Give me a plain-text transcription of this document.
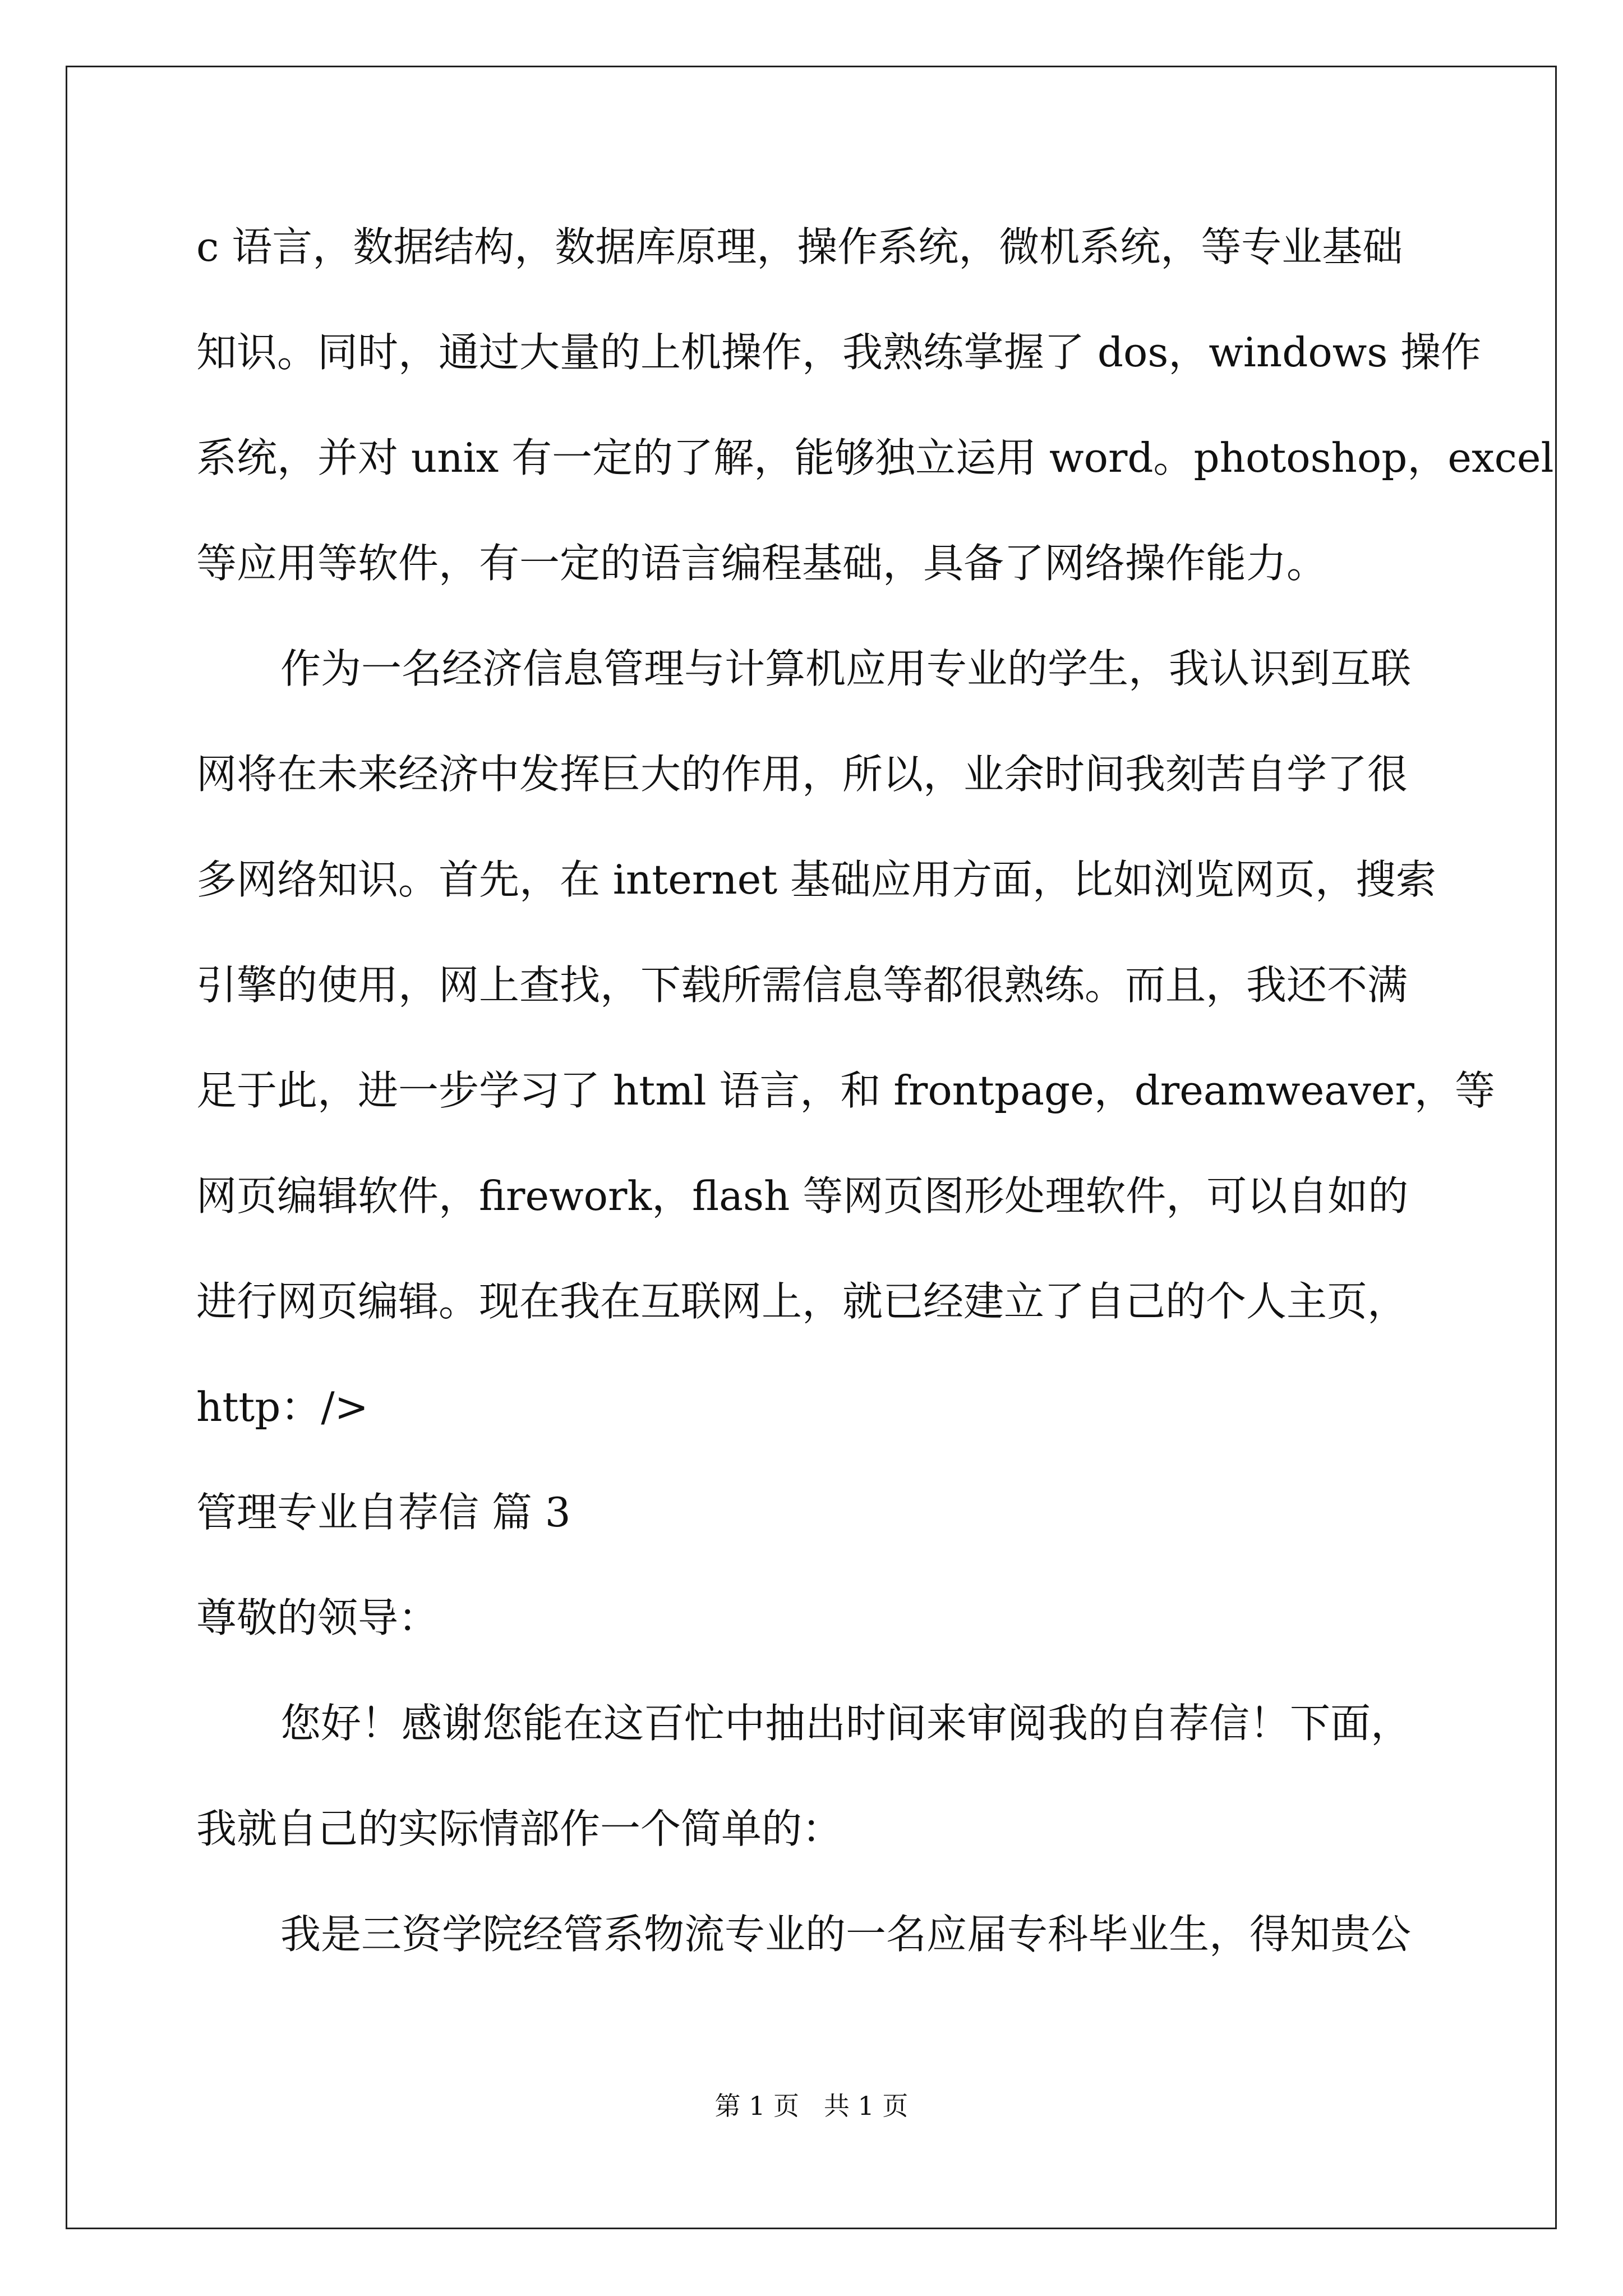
c 语言，数据结构，数据库原理，操作系统，微机系统，等专业基础
知识。同时，通过大量的上机操作，我熟练掌握了 dos，windows 操作
系统，并对 unix 有一定的了解，能够独立运用 word。photoshop，excel
等应用等软件，有一定的语言编程基础，具备了网络操作能力。
作为一名经济信息管理与计算机应用专业的学生，我认识到互联
网将在未来经济中发挥巨大的作用，所以，业余时间我刻苦自学了很
多网络知识。首先，在 internet 基础应用方面，比如浏览网页，搜索
引擎的使用，网上查找，下载所需信息等都很熟练。而且，我还不满
足于此，进一步学习了 html 语言，和 frontpage，dreamweaver，等
网页编辑软件，firework，flash 等网页图形处理软件，可以自如的
进行网页编辑。现在我在互联网上，就已经建立了自己的个人主页，
http：/>
管理专业自荐信 篇 3
尊敬的领导：
您好！感谢您能在这百忙中抽出时间来审阅我的自荐信！下面，
我就自己的实际情部作一个简单的：
我是三资学院经管系物流专业的一名应届专科毕业生，得知贵公
第 1 页   共 1 页
